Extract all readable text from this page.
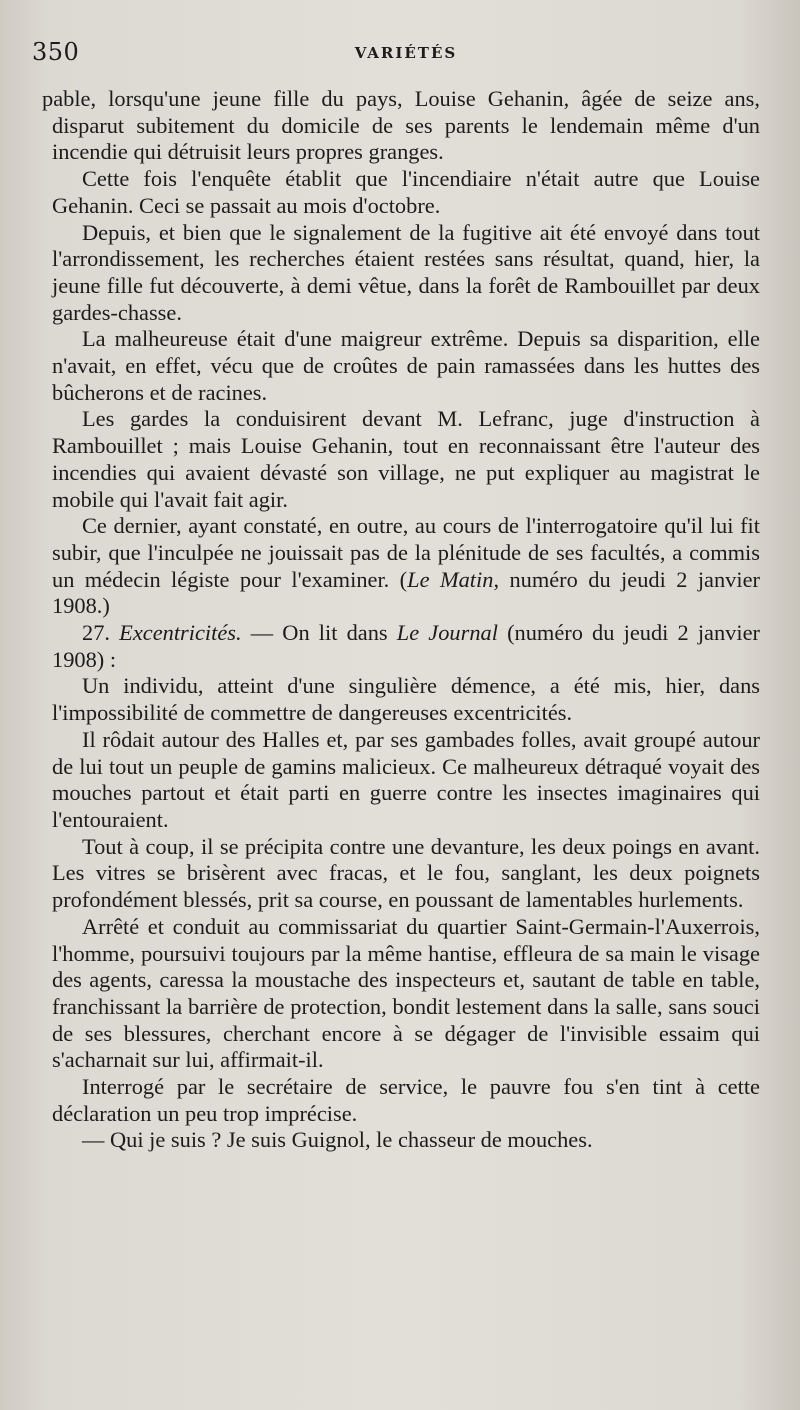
350	VARIÉTÉS

pable, lorsqu'une jeune fille du pays, Louise Gehanin, âgée de seize ans, disparut subitement du domicile de ses parents le lendemain même d'un incendie qui détruisit leurs propres granges.

Cette fois l'enquête établit que l'incendiaire n'était autre que Louise Gehanin. Ceci se passait au mois d'octobre.

Depuis, et bien que le signalement de la fugitive ait été envoyé dans tout l'arrondissement, les recherches étaient restées sans résultat, quand, hier, la jeune fille fut découverte, à demi vêtue, dans la forêt de Rambouillet par deux gardes-chasse.

La malheureuse était d'une maigreur extrême. Depuis sa disparition, elle n'avait, en effet, vécu que de croûtes de pain ramassées dans les huttes des bûcherons et de racines.

Les gardes la conduisirent devant M. Lefranc, juge d'instruction à Rambouillet ; mais Louise Gehanin, tout en reconnaissant être l'auteur des incendies qui avaient dévasté son village, ne put expliquer au magistrat le mobile qui l'avait fait agir.

Ce dernier, ayant constaté, en outre, au cours de l'interrogatoire qu'il lui fit subir, que l'inculpée ne jouissait pas de la plénitude de ses facultés, a commis un médecin légiste pour l'examiner. (Le Matin, numéro du jeudi 2 janvier 1908.)

27. Excentricités. — On lit dans Le Journal (numéro du jeudi 2 janvier 1908) :

Un individu, atteint d'une singulière démence, a été mis, hier, dans l'impossibilité de commettre de dangereuses excentricités.

Il rôdait autour des Halles et, par ses gambades folles, avait groupé autour de lui tout un peuple de gamins malicieux. Ce malheureux détraqué voyait des mouches partout et était parti en guerre contre les insectes imaginaires qui l'entouraient.

Tout à coup, il se précipita contre une devanture, les deux poings en avant. Les vitres se brisèrent avec fracas, et le fou, sanglant, les deux poignets profondément blessés, prit sa course, en poussant de lamentables hurlements.

Arrêté et conduit au commissariat du quartier Saint-Germain-l'Auxerrois, l'homme, poursuivi toujours par la même hantise, effleura de sa main le visage des agents, caressa la moustache des inspecteurs et, sautant de table en table, franchissant la barrière de protection, bondit lestement dans la salle, sans souci de ses blessures, cherchant encore à se dégager de l'invisible essaim qui s'acharnait sur lui, affirmait-il.

Interrogé par le secrétaire de service, le pauvre fou s'en tint à cette déclaration un peu trop imprécise.

— Qui je suis ? Je suis Guignol, le chasseur de mouches.
